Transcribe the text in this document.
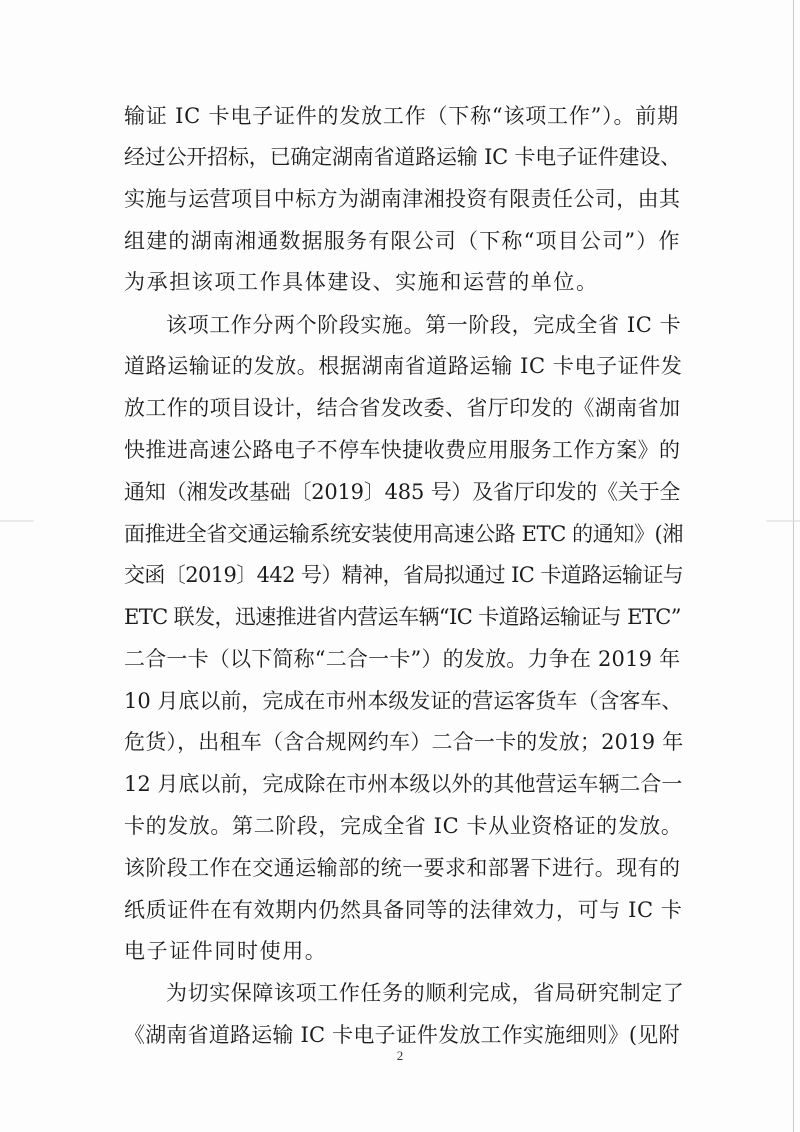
输证 IC 卡电子证件的发放工作（下称“该项工作”）。前期
经过公开招标，已确定湖南省道路运输 IC 卡电子证件建设、
实施与运营项目中标方为湖南津湘投资有限责任公司，由其
组建的湖南湘通数据服务有限公司（下称“项目公司”）作
为承担该项工作具体建设、实施和运营的单位。
该项工作分两个阶段实施。第一阶段，完成全省 IC 卡
道路运输证的发放。根据湖南省道路运输 IC 卡电子证件发
放工作的项目设计，结合省发改委、省厅印发的《湖南省加
快推进高速公路电子不停车快捷收费应用服务工作方案》的
通知（湘发改基础〔2019〕485 号）及省厅印发的《关于全
面推进全省交通运输系统安装使用高速公路 ETC 的通知》(湘
交函〔2019〕442 号）精神，省局拟通过 IC 卡道路运输证与
ETC 联发，迅速推进省内营运车辆“IC 卡道路运输证与 ETC”
二合一卡（以下简称“二合一卡”）的发放。力争在 2019 年
10 月底以前，完成在市州本级发证的营运客货车（含客车、
危货），出租车（含合规网约车）二合一卡的发放；2019 年
12 月底以前，完成除在市州本级以外的其他营运车辆二合一
卡的发放。第二阶段，完成全省 IC 卡从业资格证的发放。
该阶段工作在交通运输部的统一要求和部署下进行。现有的
纸质证件在有效期内仍然具备同等的法律效力，可与 IC 卡
电子证件同时使用。
为切实保障该项工作任务的顺利完成，省局研究制定了
《湖南省道路运输 IC 卡电子证件发放工作实施细则》(见附
2
